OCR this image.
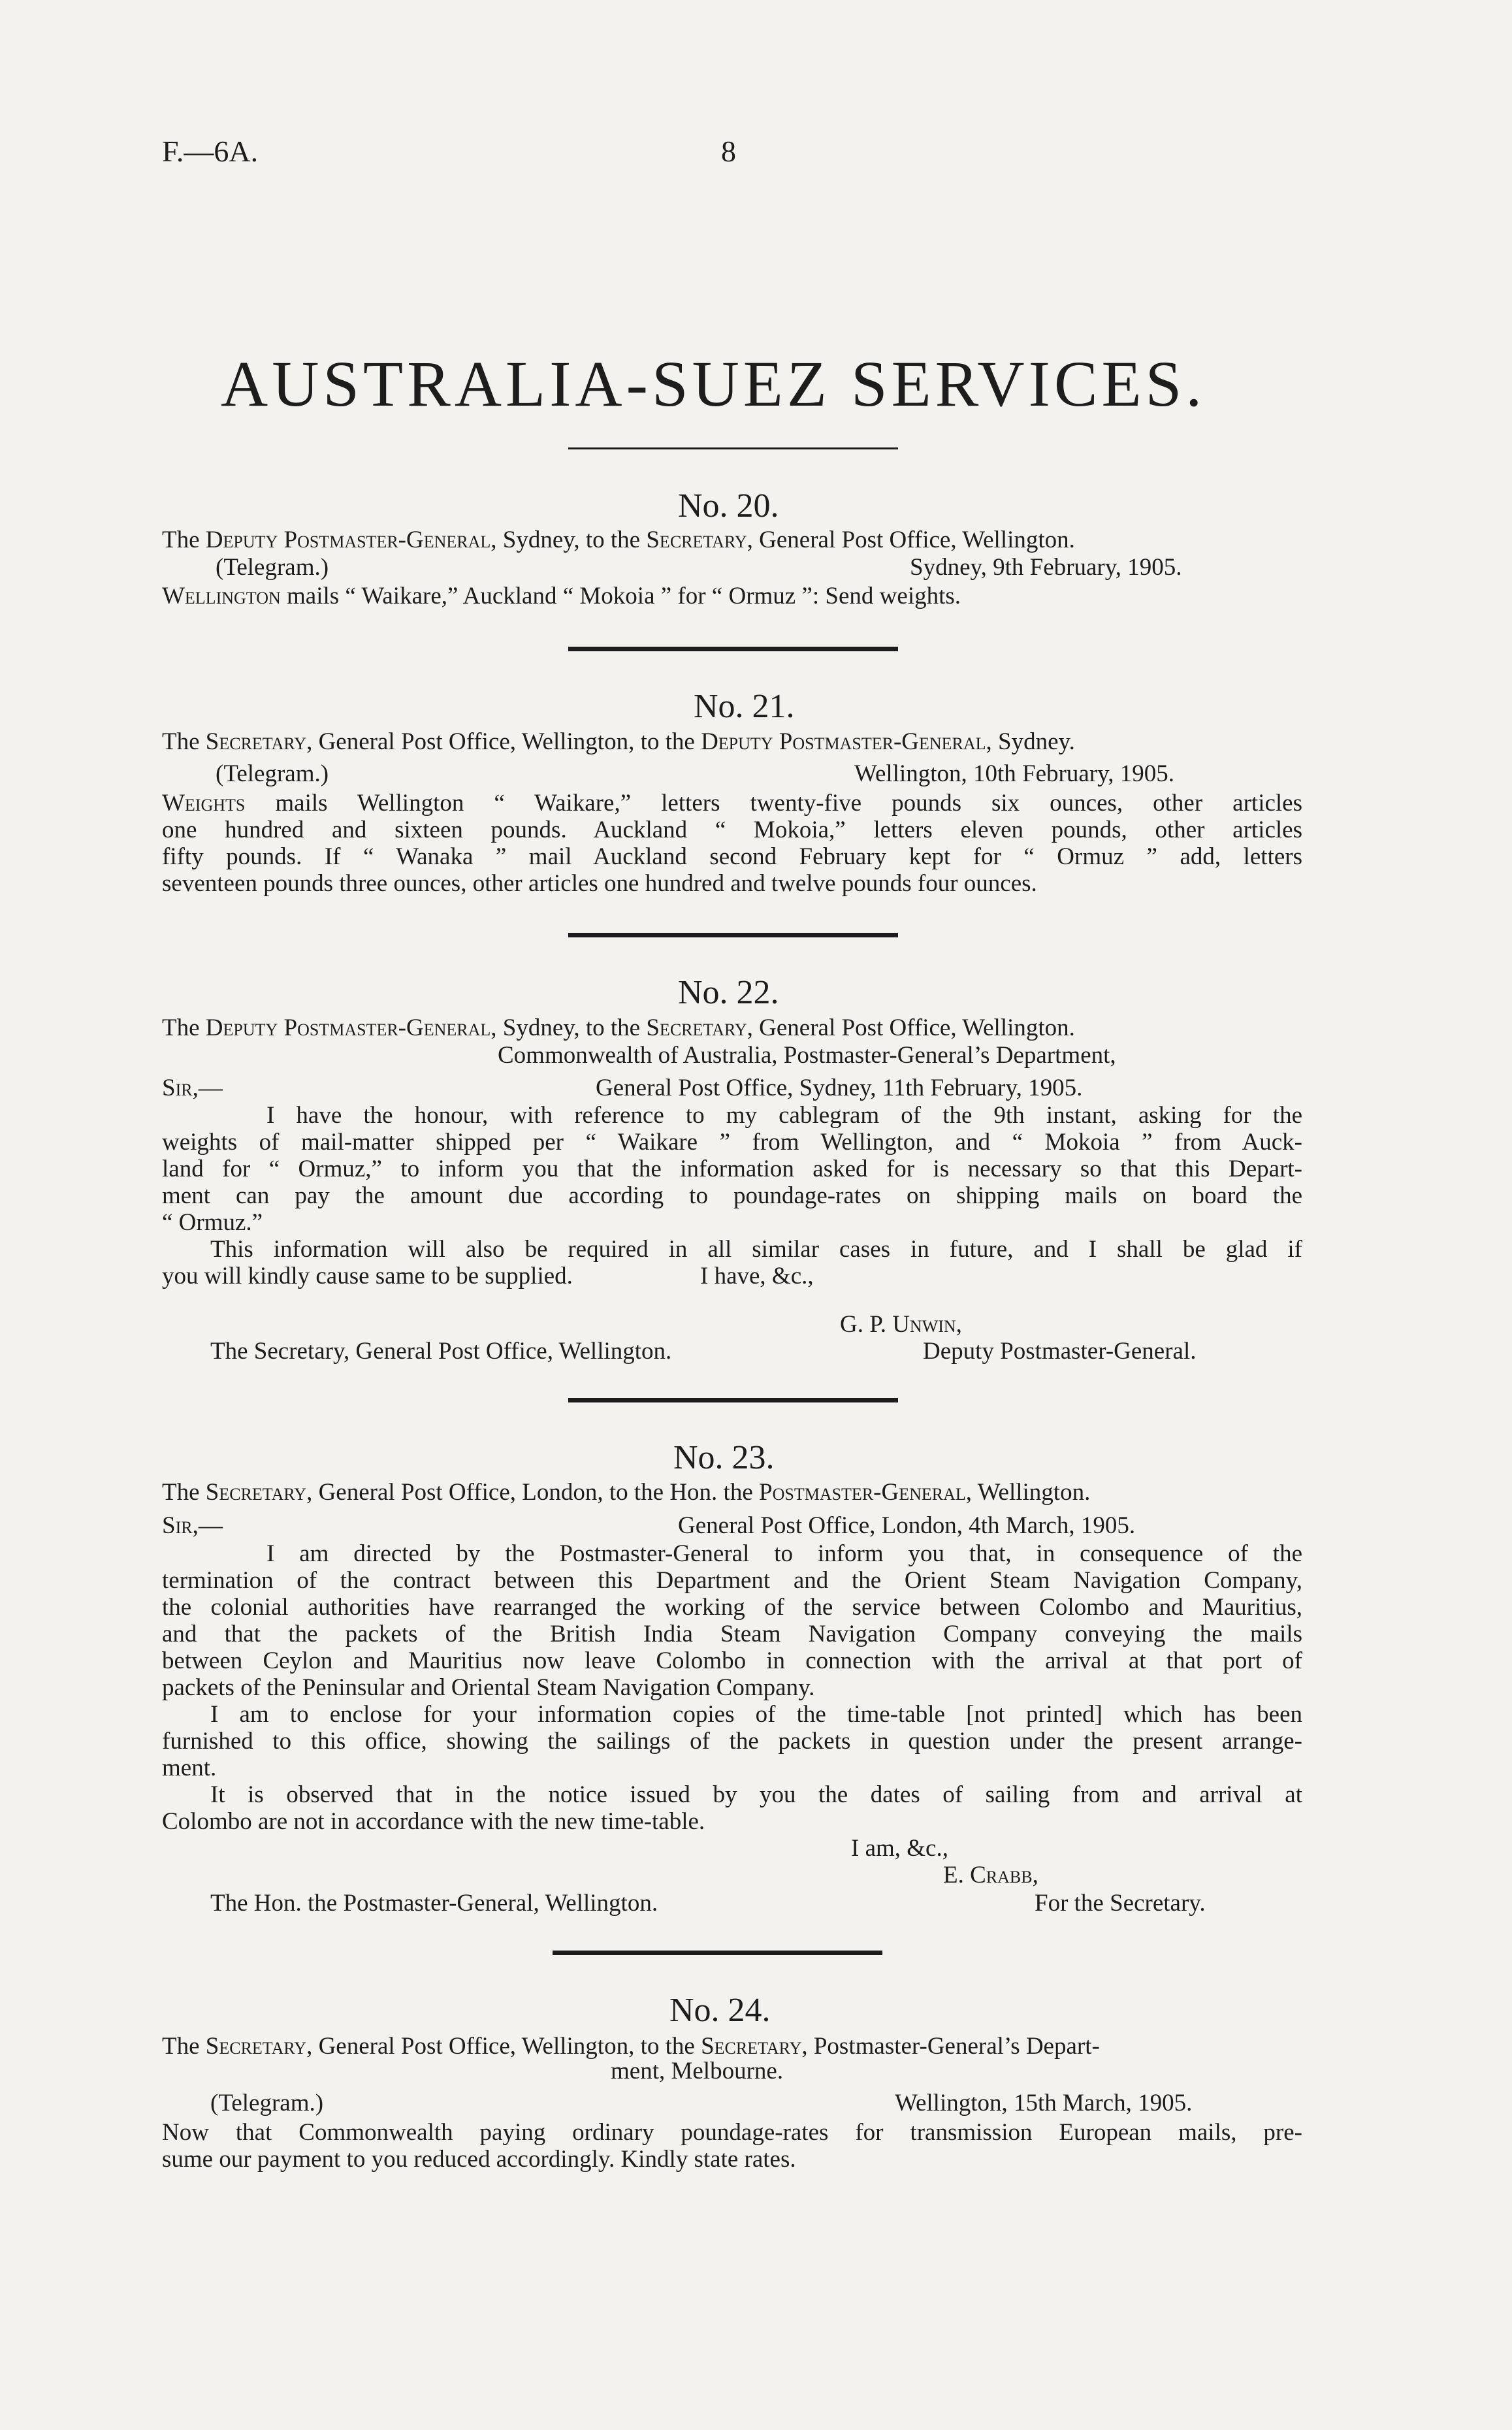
F.—6A.	8
AUSTRALIA-SUEZ SERVICES.
No. 20.
The Deputy Postmaster-General, Sydney, to the Secretary, General Post Office, Wellington.
(Telegram.)	Sydney, 9th February, 1905.
Wellington mails “ Waikare,” Auckland “ Mokoia ” for “ Ormuz ”: Send weights.
No. 21.
The Secretary, General Post Office, Wellington, to the Deputy Postmaster-General, Sydney.
(Telegram.)	Wellington, 10th February, 1905.
Weights mails Wellington “ Waikare,” letters twenty-five pounds six ounces, other articles
one hundred and sixteen pounds. Auckland “ Mokoia,” letters eleven pounds, other articles
fifty pounds. If “ Wanaka ” mail Auckland second February kept for “ Ormuz ” add, letters
seventeen pounds three ounces, other articles one hundred and twelve pounds four ounces.
No. 22.
The Deputy Postmaster-General, Sydney, to the Secretary, General Post Office, Wellington.
Commonwealth of Australia, Postmaster-General’s Department,
Sir,—	General Post Office, Sydney, 11th February, 1905.
I have the honour, with reference to my cablegram of the 9th instant, asking for the
weights of mail-matter shipped per “ Waikare ” from Wellington, and “ Mokoia ” from Auck-
land for “ Ormuz,” to inform you that the information asked for is necessary so that this Depart-
ment can pay the amount due according to poundage-rates on shipping mails on board the
“ Ormuz.”
This information will also be required in all similar cases in future, and I shall be glad if
you will kindly cause same to be supplied.	I have, &c.,
G. P. Unwin,
The Secretary, General Post Office, Wellington.	Deputy Postmaster-General.
No. 23.
The Secretary, General Post Office, London, to the Hon. the Postmaster-General, Wellington.
Sir,—	General Post Office, London, 4th March, 1905.
I am directed by the Postmaster-General to inform you that, in consequence of the
termination of the contract between this Department and the Orient Steam Navigation Company,
the colonial authorities have rearranged the working of the service between Colombo and Mauritius,
and that the packets of the British India Steam Navigation Company conveying the mails
between Ceylon and Mauritius now leave Colombo in connection with the arrival at that port of
packets of the Peninsular and Oriental Steam Navigation Company.
I am to enclose for your information copies of the time-table [not printed] which has been
furnished to this office, showing the sailings of the packets in question under the present arrange-
ment.
It is observed that in the notice issued by you the dates of sailing from and arrival at
Colombo are not in accordance with the new time-table.
I am, &c.,
E. Crabb,
The Hon. the Postmaster-General, Wellington.	For the Secretary.
No. 24.
The Secretary, General Post Office, Wellington, to the Secretary, Postmaster-General’s Depart-
ment, Melbourne.
(Telegram.)	Wellington, 15th March, 1905.
Now that Commonwealth paying ordinary poundage-rates for transmission European mails, pre-
sume our payment to you reduced accordingly. Kindly state rates.
